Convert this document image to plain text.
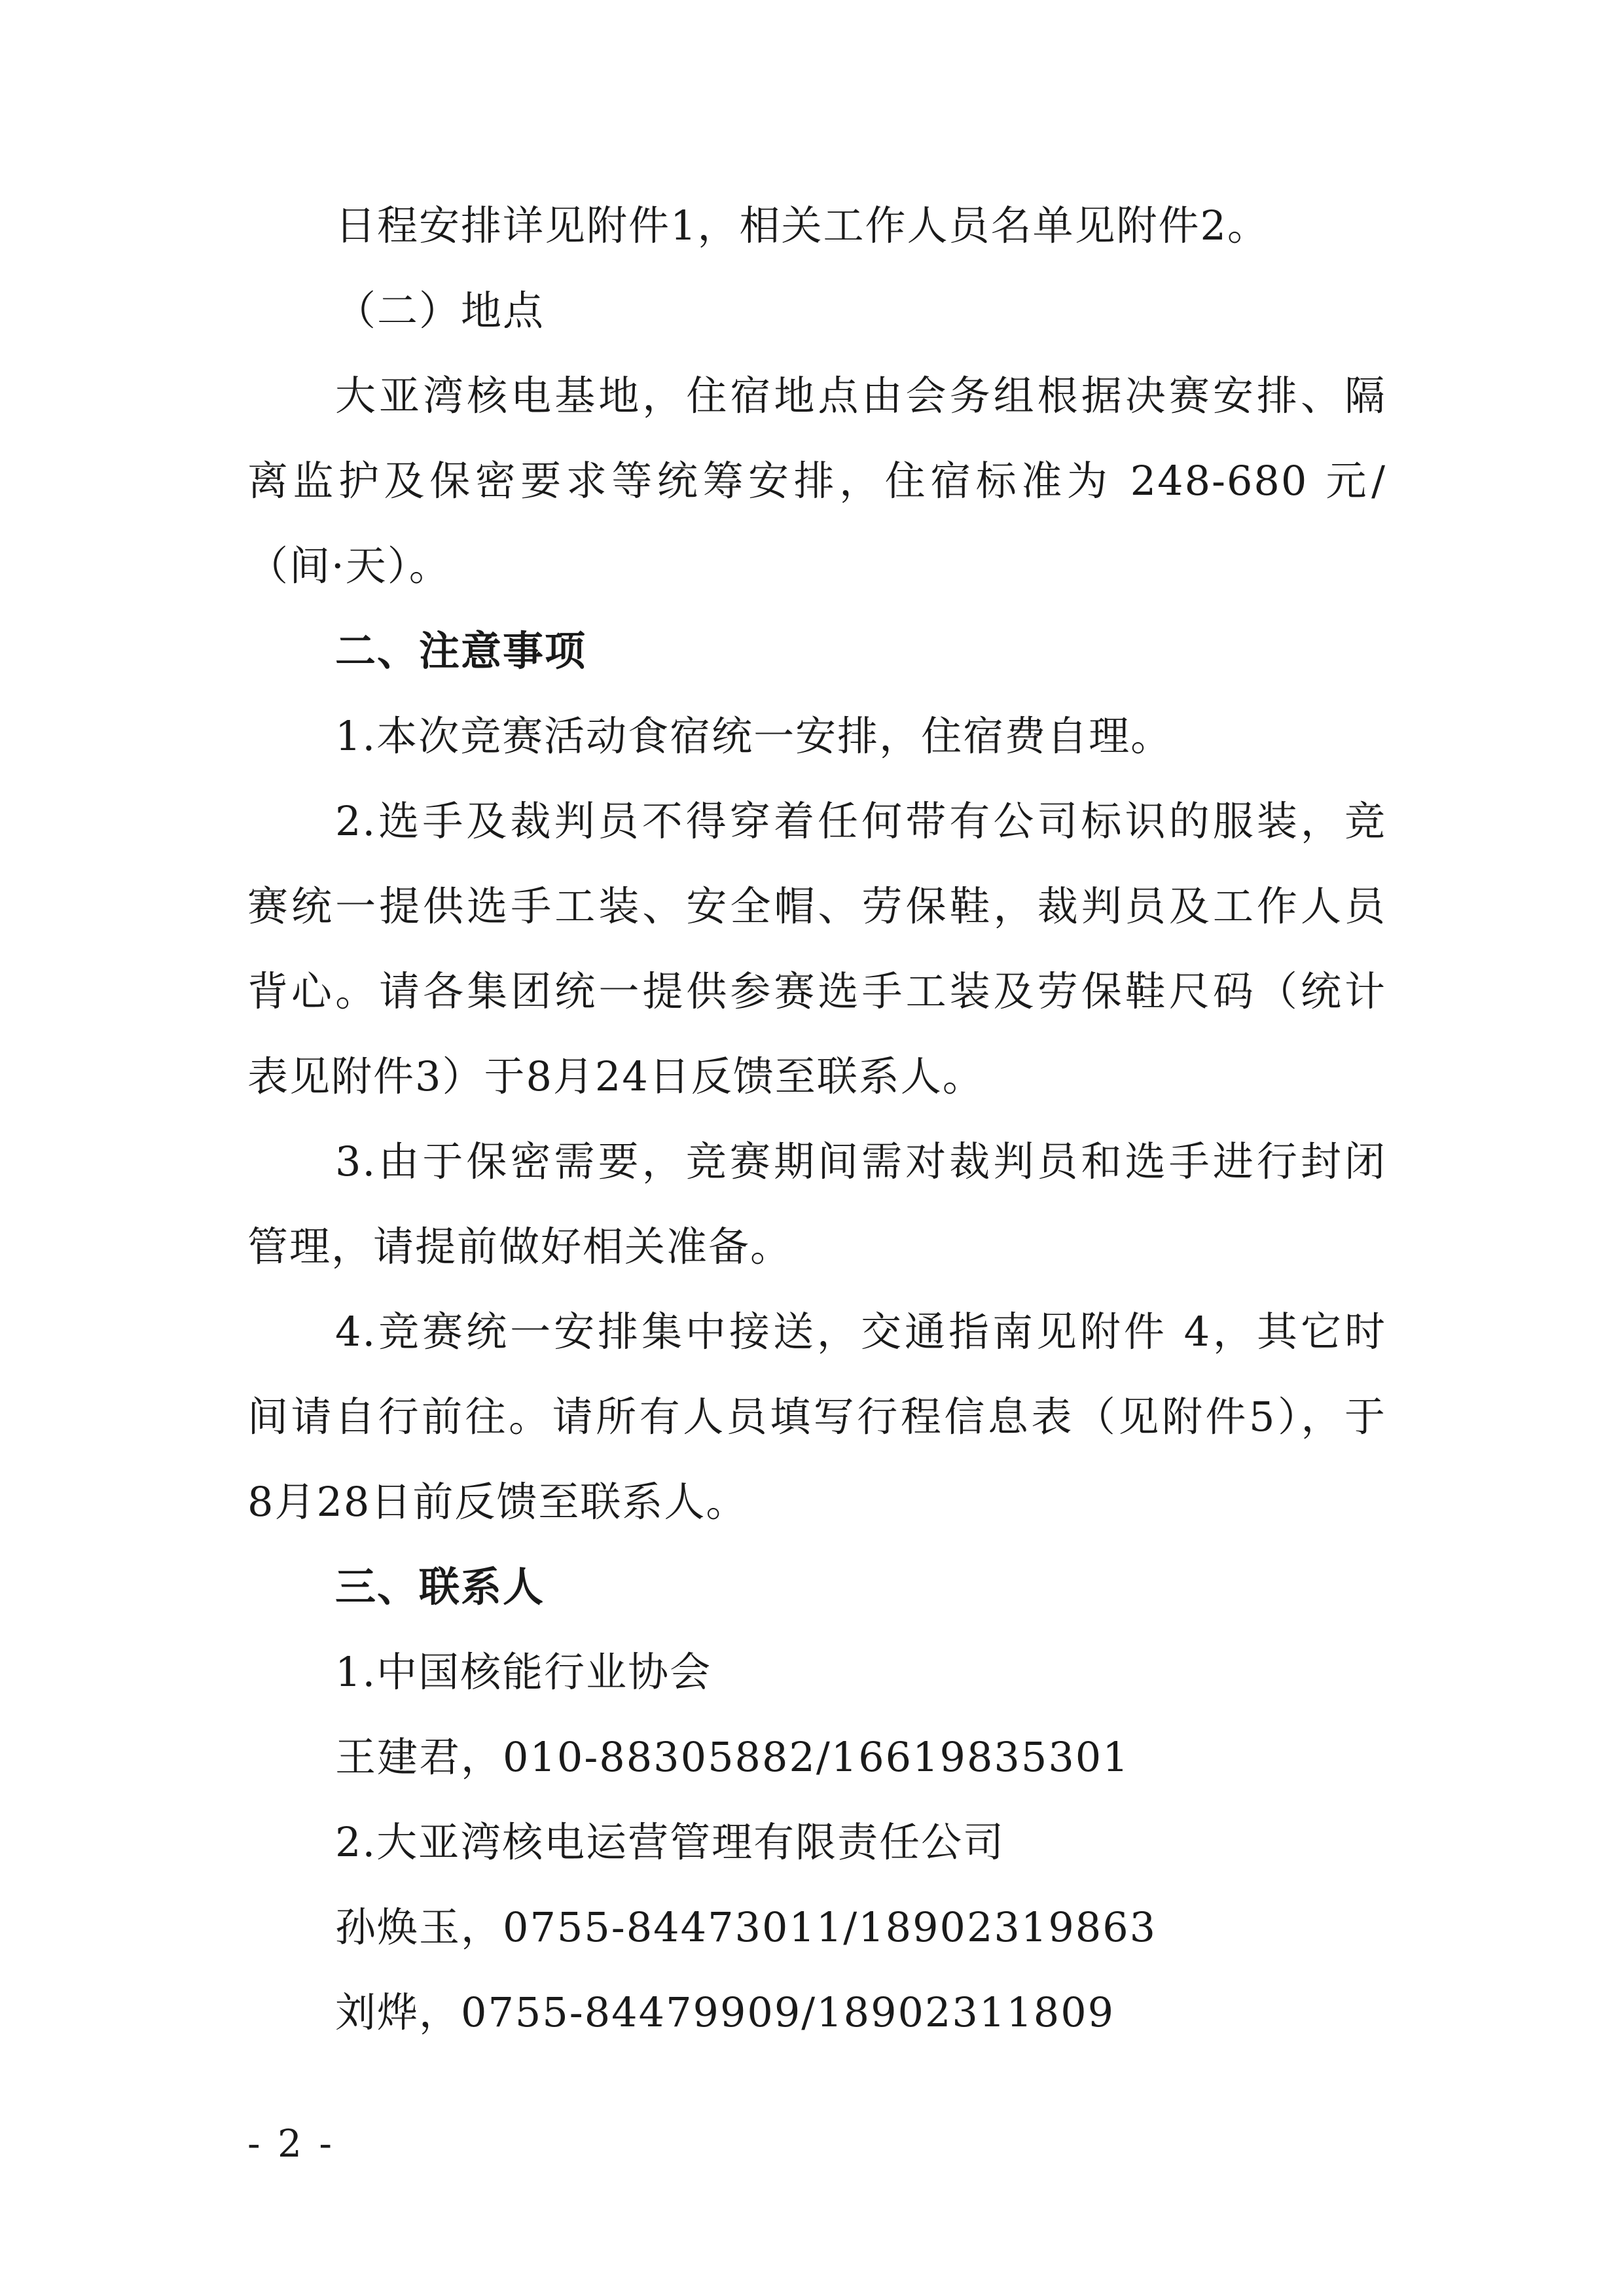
日程安排详见附件1，相关工作人员名单见附件2。
（二）地点
大亚湾核电基地，住宿地点由会务组根据决赛安排、隔
离监护及保密要求等统筹安排，住宿标准为 248-680 元/
（间·天）。
二、注意事项
1.本次竞赛活动食宿统一安排，住宿费自理。
2.选手及裁判员不得穿着任何带有公司标识的服装，竞
赛统一提供选手工装、安全帽、劳保鞋，裁判员及工作人员
背心。请各集团统一提供参赛选手工装及劳保鞋尺码（统计
表见附件3）于8月24日反馈至联系人。
3.由于保密需要，竞赛期间需对裁判员和选手进行封闭
管理，请提前做好相关准备。
4.竞赛统一安排集中接送，交通指南见附件 4，其它时
间请自行前往。请所有人员填写行程信息表（见附件5），于
8月28日前反馈至联系人。
三、联系人
1.中国核能行业协会
王建君，010-88305882/16619835301
2.大亚湾核电运营管理有限责任公司
孙焕玉，0755-84473011/18902319863
刘烨，0755-84479909/18902311809
- 2 -
